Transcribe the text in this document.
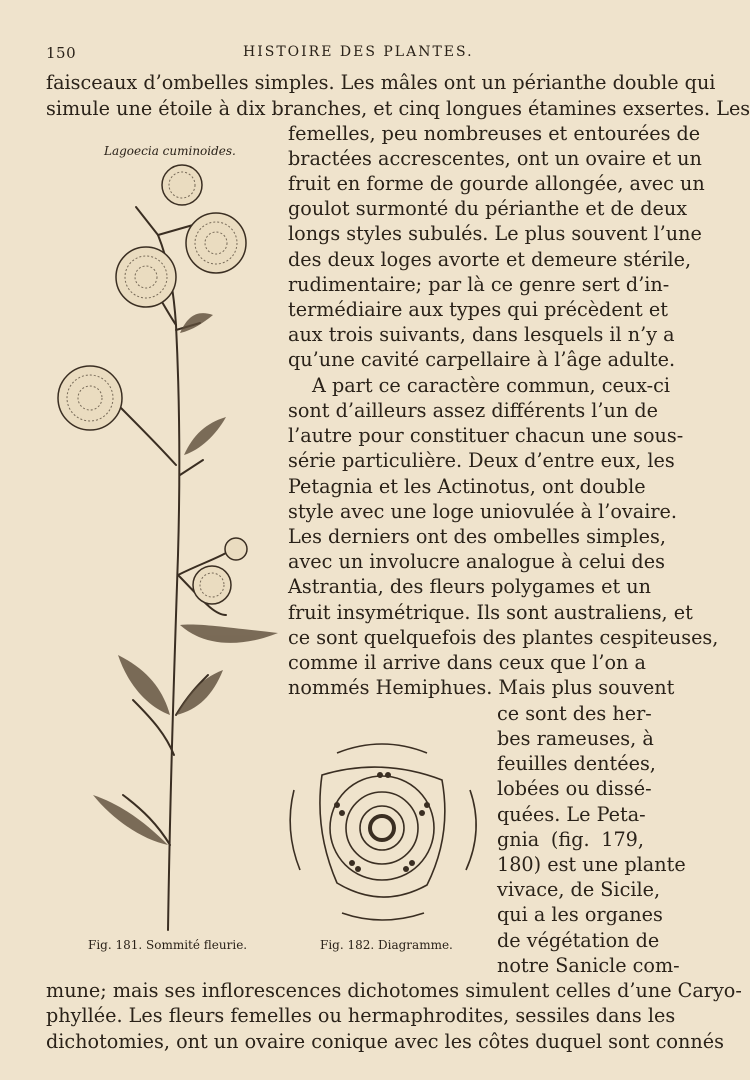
150	HISTOIRE DES PLANTES.
faisceaux d’ombelles simples. Les mâles ont un périanthe double qui
simule une étoile à dix branches, et cinq longues étamines exsertes. Les
femelles, peu nombreuses et entourées de
bractées accrescentes, ont un ovaire et un
fruit en forme de gourde allongée, avec un
goulot surmonté du périanthe et de deux
longs styles subulés. Le plus souvent l’une
des deux loges avorte et demeure stérile,
rudimentaire; par là ce genre sert d’in-
termédiaire aux types qui précèdent et
aux trois suivants, dans lesquels il n’y a
qu’une cavité carpellaire à l’âge adulte.
A part ce caractère commun, ceux-ci
sont d’ailleurs assez différents l’un de
l’autre pour constituer chacun une sous-
série particulière. Deux d’entre eux, les
Petagnia et les Actinotus, ont double
style avec une loge uniovulée à l’ovaire.
Les derniers ont des ombelles simples,
avec un involucre analogue à celui des
Astrantia, des fleurs polygames et un
fruit insymétrique. Ils sont australiens, et
ce sont quelquefois des plantes cespiteuses,
comme il arrive dans ceux que l’on a
nommés Hemiphues. Mais plus souvent
ce sont des her-
bes rameuses, à
feuilles dentées,
lobées ou dissé-
quées. Le Peta-
gnia (fig. 179,
180) est une plante
vivace, de Sicile,
qui a les organes
de végétation de
notre Sanicle com-
mune; mais ses inflorescences dichotomes simulent celles d’une Caryo-
phyllée. Les fleurs femelles ou hermaphrodites, sessiles dans les
dichotomies, ont un ovaire conique avec les côtes duquel sont connés
Lagoecia cuminoides.
Fig. 181. Sommité fleurie.	Fig. 182. Diagramme.
